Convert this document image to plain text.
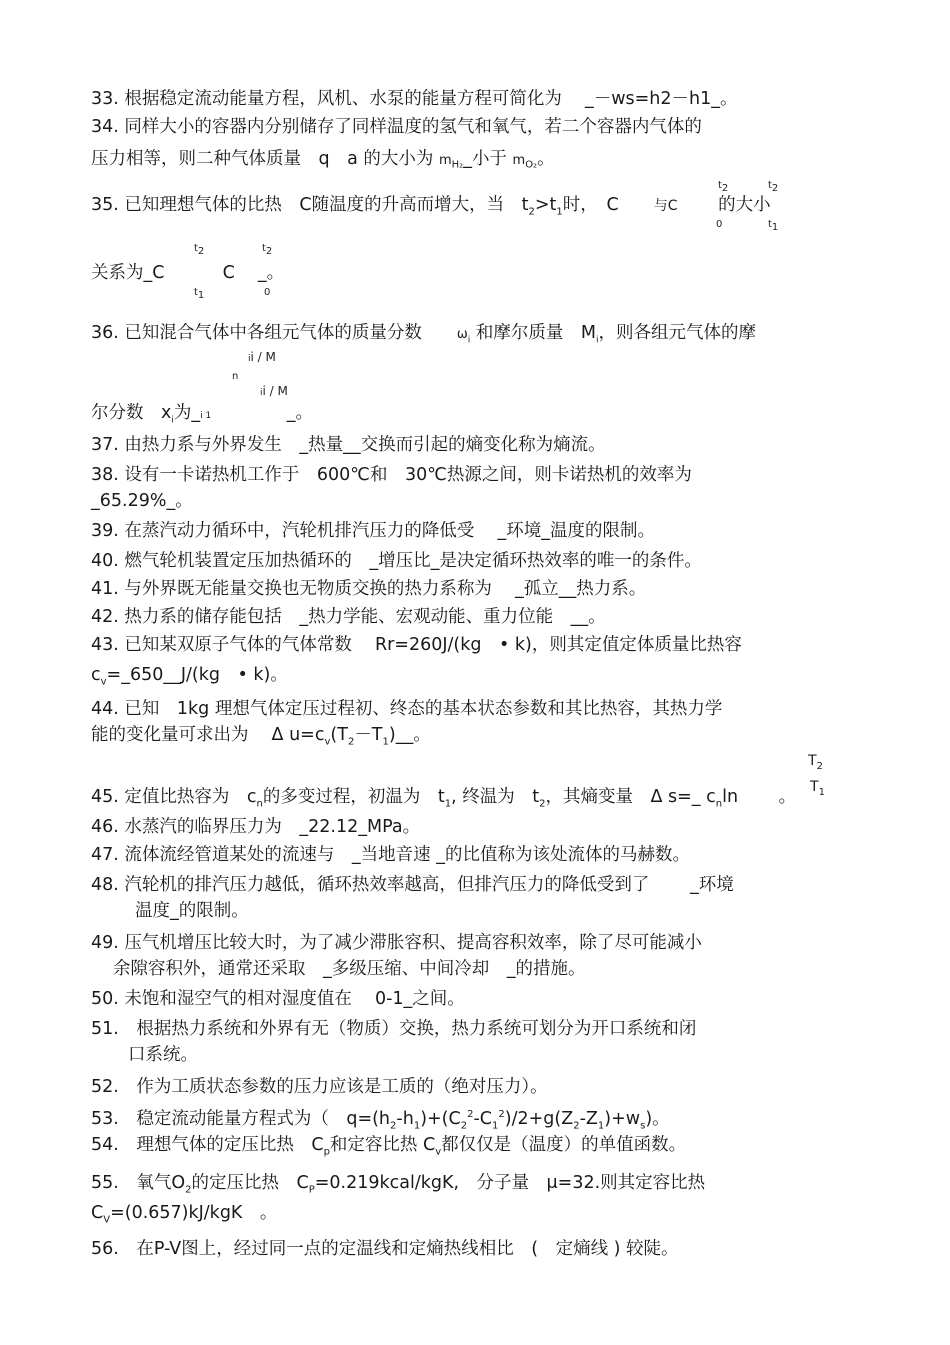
33. 根据稳定流动能量方程，风机、水泵的能量方程可简化为　 _－ws=h2－h1_。
34. 同样大小的容器内分别储存了同样温度的氢气和氧气，若二个容器内气体的
压力相等，则二种气体质量　q　a 的大小为 $m_{H_2}\_$小于 $m_{O_2}$。
35. 已知理想气体的比热　C随温度的升高而增大，当　$t_2>t_1$时，　C　　	与C　　 的大小
$t_2$
0
$t_2$
$t_1$
关系为_C　　　	C　 _。
$t_2$
$t_1$
$t_2$
0
36. 已知混合气体中各组元气体的质量分数　　	$\omega_i$ 和摩尔质量　$M_i$，则各组元气体的摩
ii / M
n
ii / M
尔分数　$x_i$为_i 1　　　　	_。
37. 由热力系与外界发生　_热量__交换而引起的熵变化称为熵流。
38. 设有一卡诺热机工作于　600℃和　30℃热源之间，则卡诺热机的效率为
_65.29%_。
39. 在蒸汽动力循环中，汽轮机排汽压力的降低受　 _环境_温度的限制。
40. 燃气轮机装置定压加热循环的　_增压比_是决定循环热效率的唯一的条件。
41. 与外界既无能量交换也无物质交换的热力系称为　 _孤立__热力系。
42. 热力系的储存能包括　_热力学能、宏观动能、重力位能　__。
43. 已知某双原子气体的气体常数　 Rr=260J/(kg　• k)，则其定值定体质量比热容
$c_v=\_650\_\_J/(kg$　• k)。
44. 已知　1kg 理想气体定压过程初、终态的基本状态参数和其比热容，其热力学
能的变化量可求出为　 Δ $u=c_v(T_2-T_1)\_\_$。
$T_2$
$T_1$
45. 定值比热容为　$c_n$的多变过程，初温为　$t_1$, 终温为　$t_2$，其熵变量　Δ s=_ $c_n\ln$　　 。
46. 水蒸汽的临界压力为　_22.12_MPa。
47. 流体流经管道某处的流速与　_当地音速 _的比值称为该处流体的马赫数。
48. 汽轮机的排汽压力越低，循环热效率越高，但排汽压力的降低受到了　　 _环境
温度_的限制。
49. 压气机增压比较大时，为了减少滞胀容积、提高容积效率，除了尽可能减小
余隙容积外，通常还采取　_多级压缩、中间冷却　_的措施。
50. 未饱和湿空气的相对湿度值在　 0-1_之间。
51.　根据热力系统和外界有无（物质）交换，热力系统可划分为开口系统和闭
口系统。
52.　作为工质状态参数的压力应该是工质的（绝对压力）。
53.　稳定流动能量方程式为（　$q=(h_2-h_1)+(C_2^2-C_1^2)/2+g(Z_2-Z_1)+w_s$)。
54.　理想气体的定压比热　$C_p$和定容比热 $C_v$都仅仅是（温度）的单值函数。
55.　氧气$O_2$的定压比热　$C_P=0.219kcal$/kgK,　分子量　μ=32.则其定容比热
$C_V=(0.657)kJ$/kgK　。
56.　在P-V图上，经过同一点的定温线和定熵热线相比　(　定熵线 ) 较陡。
